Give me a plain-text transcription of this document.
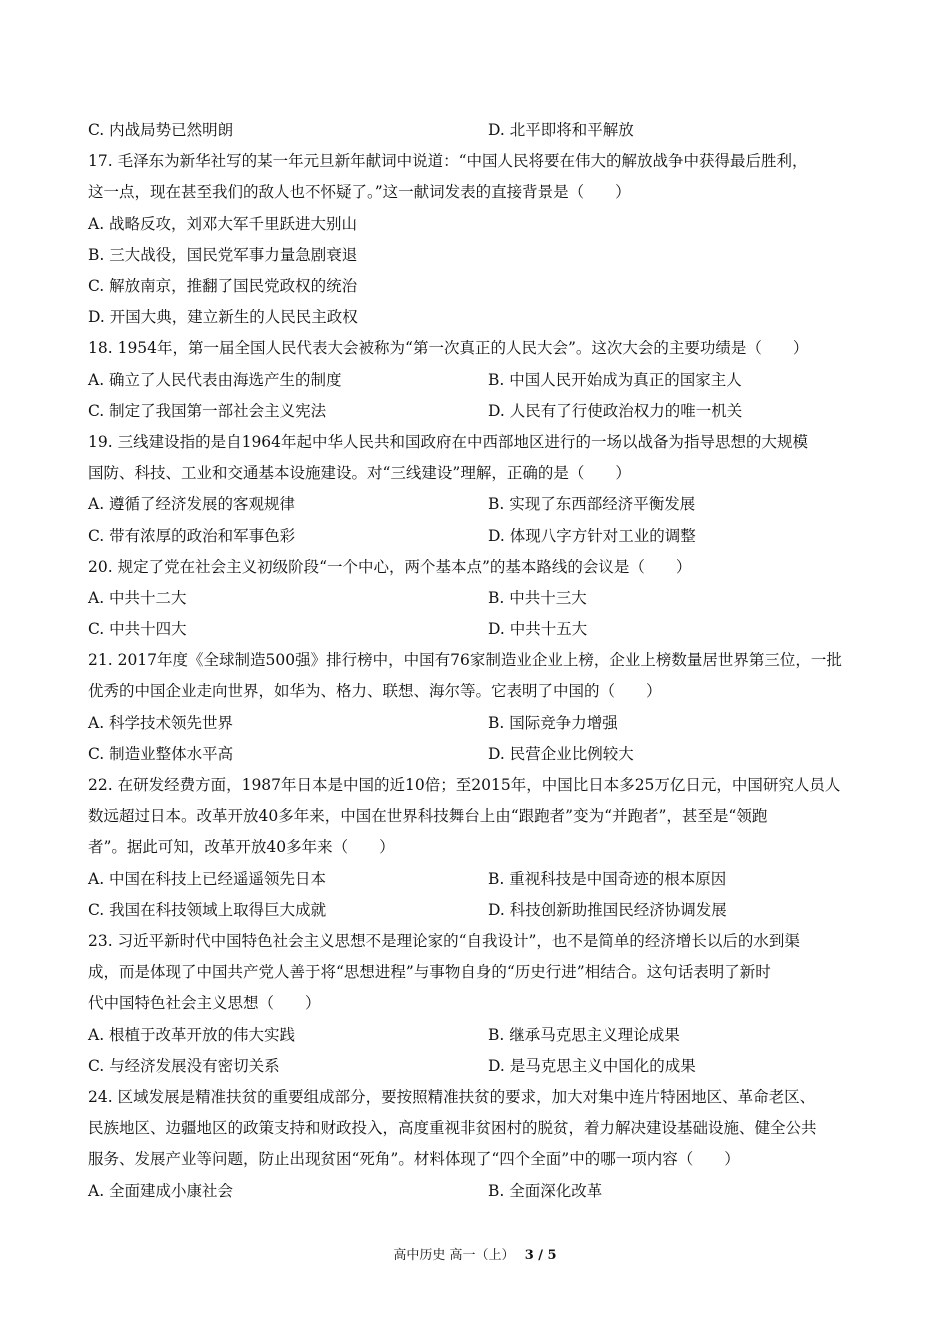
C. 内战局势已然明朗	D. 北平即将和平解放
17. 毛泽东为新华社写的某一年元旦新年献词中说道：“中国人民将要在伟大的解放战争中获得最后胜利，
这一点，现在甚至我们的敌人也不怀疑了。”这一献词发表的直接背景是（　　）
A. 战略反攻，刘邓大军千里跃进大别山
B. 三大战役，国民党军事力量急剧衰退
C. 解放南京，推翻了国民党政权的统治
D. 开国大典，建立新生的人民民主政权
18. 1954年，第一届全国人民代表大会被称为“第一次真正的人民大会”。这次大会的主要功绩是（　　）
A. 确立了人民代表由海选产生的制度	B. 中国人民开始成为真正的国家主人
C. 制定了我国第一部社会主义宪法	D. 人民有了行使政治权力的唯一机关
19. 三线建设指的是自1964年起中华人民共和国政府在中西部地区进行的一场以战备为指导思想的大规模
国防、科技、工业和交通基本设施建设。对“三线建设”理解，正确的是（　　）
A. 遵循了经济发展的客观规律	B. 实现了东西部经济平衡发展
C. 带有浓厚的政治和军事色彩	D. 体现八字方针对工业的调整
20. 规定了党在社会主义初级阶段“一个中心，两个基本点”的基本路线的会议是（　　）
A. 中共十二大	B. 中共十三大
C. 中共十四大	D. 中共十五大
21. 2017年度《全球制造500强》排行榜中，中国有76家制造业企业上榜，企业上榜数量居世界第三位，一批
优秀的中国企业走向世界，如华为、格力、联想、海尔等。它表明了中国的（　　）
A. 科学技术领先世界	B. 国际竞争力增强
C. 制造业整体水平高	D. 民营企业比例较大
22. 在研发经费方面，1987年日本是中国的近10倍；至2015年，中国比日本多25万亿日元，中国研究人员人
数远超过日本。改革开放40多年来，中国在世界科技舞台上由“跟跑者”变为“并跑者”，甚至是“领跑
者”。据此可知，改革开放40多年来（　　）
A. 中国在科技上已经遥遥领先日本	B. 重视科技是中国奇迹的根本原因
C. 我国在科技领域上取得巨大成就	D. 科技创新助推国民经济协调发展
23. 习近平新时代中国特色社会主义思想不是理论家的“自我设计”，也不是简单的经济增长以后的水到渠
成，而是体现了中国共产党人善于将“思想进程”与事物自身的“历史行进”相结合。这句话表明了新时
代中国特色社会主义思想（　　）
A. 根植于改革开放的伟大实践	B. 继承马克思主义理论成果
C. 与经济发展没有密切关系	D. 是马克思主义中国化的成果
24. 区域发展是精准扶贫的重要组成部分，要按照精准扶贫的要求，加大对集中连片特困地区、革命老区、
民族地区、边疆地区的政策支持和财政投入，高度重视非贫困村的脱贫，着力解决建设基础设施、健全公共
服务、发展产业等问题，防止出现贫困“死角”。材料体现了“四个全面”中的哪一项内容（　　）
A. 全面建成小康社会	B. 全面深化改革
高中历史 高一（上） 3 / 5
